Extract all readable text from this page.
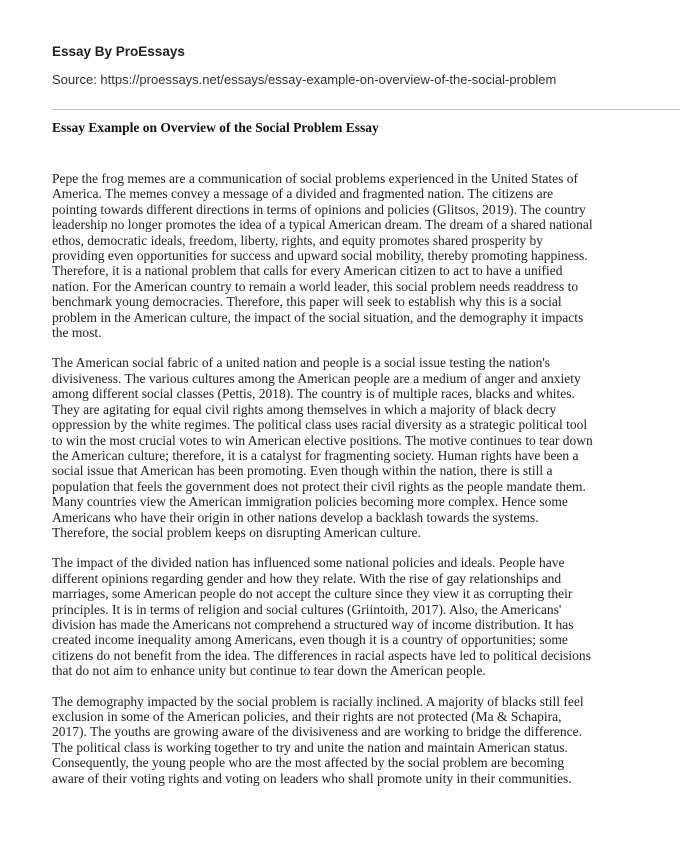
Essay By ProEssays
Source: https://proessays.net/essays/essay-example-on-overview-of-the-social-problem
Essay Example on Overview of the Social Problem Essay

Pepe the frog memes are a communication of social problems experienced in the United States of
America. The memes convey a message of a divided and fragmented nation. The citizens are
pointing towards different directions in terms of opinions and policies (Glitsos, 2019). The country
leadership no longer promotes the idea of a typical American dream. The dream of a shared national
ethos, democratic ideals, freedom, liberty, rights, and equity promotes shared prosperity by
providing even opportunities for success and upward social mobility, thereby promoting happiness.
Therefore, it is a national problem that calls for every American citizen to act to have a unified
nation. For the American country to remain a world leader, this social problem needs readdress to
benchmark young democracies. Therefore, this paper will seek to establish why this is a social
problem in the American culture, the impact of the social situation, and the demography it impacts
the most.

The American social fabric of a united nation and people is a social issue testing the nation's
divisiveness. The various cultures among the American people are a medium of anger and anxiety
among different social classes (Pettis, 2018). The country is of multiple races, blacks and whites.
They are agitating for equal civil rights among themselves in which a majority of black decry
oppression by the white regimes. The political class uses racial diversity as a strategic political tool
to win the most crucial votes to win American elective positions. The motive continues to tear down
the American culture; therefore, it is a catalyst for fragmenting society. Human rights have been a
social issue that American has been promoting. Even though within the nation, there is still a
population that feels the government does not protect their civil rights as the people mandate them.
Many countries view the American immigration policies becoming more complex. Hence some
Americans who have their origin in other nations develop a backlash towards the systems.
Therefore, the social problem keeps on disrupting American culture.

The impact of the divided nation has influenced some national policies and ideals. People have
different opinions regarding gender and how they relate. With the rise of gay relationships and
marriages, some American people do not accept the culture since they view it as corrupting their
principles. It is in terms of religion and social cultures (Griintoith, 2017). Also, the Americans'
division has made the Americans not comprehend a structured way of income distribution. It has
created income inequality among Americans, even though it is a country of opportunities; some
citizens do not benefit from the idea. The differences in racial aspects have led to political decisions
that do not aim to enhance unity but continue to tear down the American people.

The demography impacted by the social problem is racially inclined. A majority of blacks still feel
exclusion in some of the American policies, and their rights are not protected (Ma & Schapira,
2017). The youths are growing aware of the divisiveness and are working to bridge the difference.
The political class is working together to try and unite the nation and maintain American status.
Consequently, the young people who are the most affected by the social problem are becoming
aware of their voting rights and voting on leaders who shall promote unity in their communities.
